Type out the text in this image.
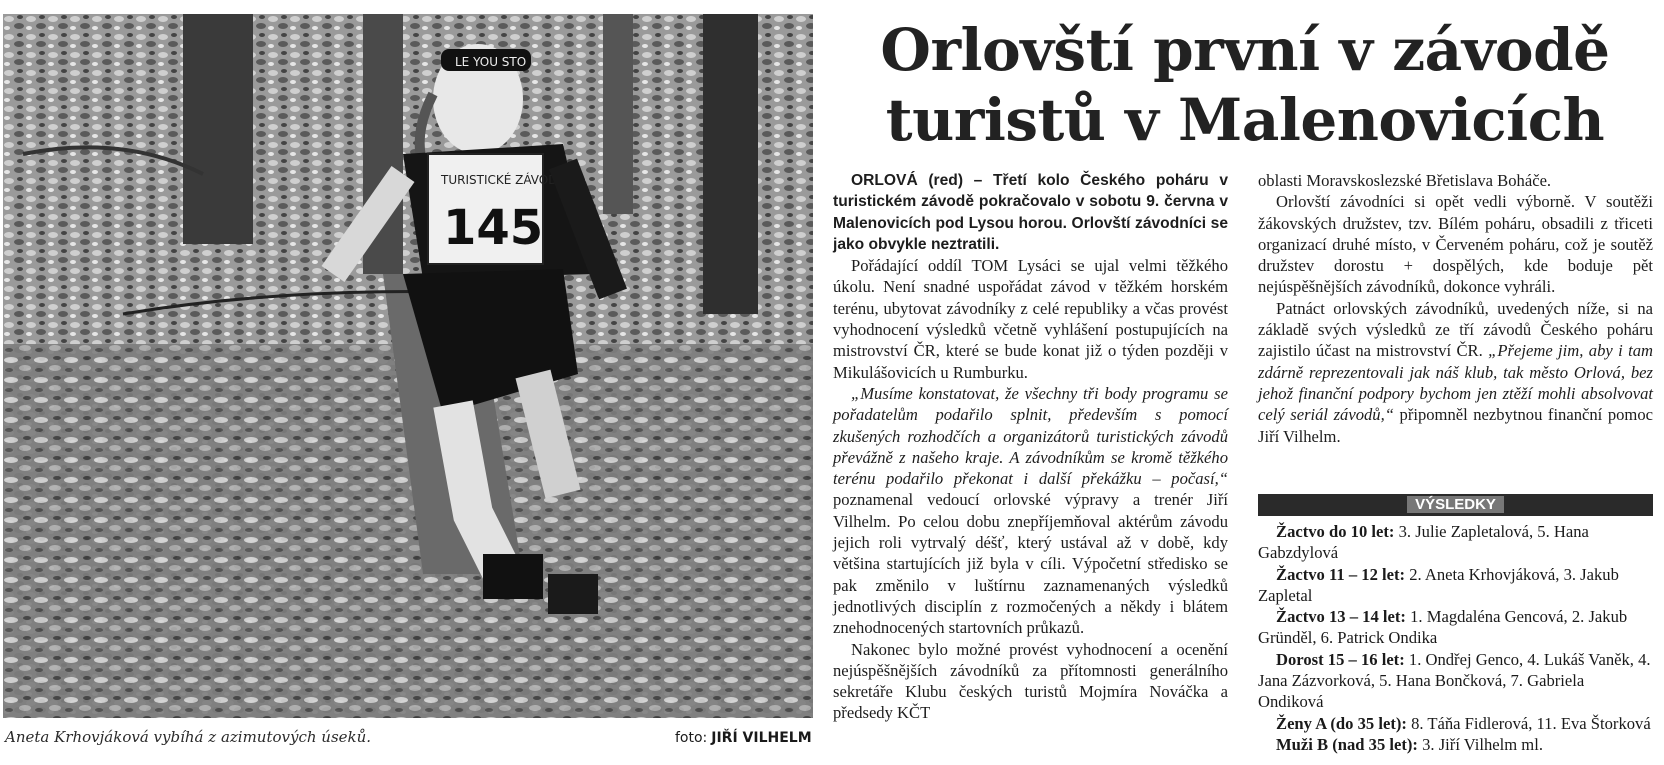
LE YOU STO
TURISTICKÉ ZÁVODY
145
Aneta Krhovjáková vybíhá z azimutových úseků.	foto: JIŘÍ VILHELM
Orlovští první v závodě
turistů v Malenovicích

ORLOVÁ (red) – Třetí kolo Českého poháru v turistickém závodě pokračovalo v sobotu 9. června v Malenovicích pod Lysou horou. Orlovští závodníci se jako obvykle neztratili.

Pořádající oddíl TOM Lysáci se ujal velmi těžkého úkolu. Není snadné uspořádat závod v těžkém horském terénu, ubytovat závodníky z celé republiky a včas provést vyhodnocení výsledků včetně vyhlášení postupujících na mistrovství ČR, které se bude konat již o týden později v Mikulášovicích u Rumburku.

„Musíme konstatovat, že všechny tři body programu se pořadatelům podařilo splnit, především s pomocí zkušených rozhodčích a organizátorů turistických závodů převážně z našeho kraje. A závodníkům se kromě těžkého terénu podařilo překonat i další překážku – počasí,“ poznamenal vedoucí orlovské výpravy a trenér Jiří Vilhelm. Po celou dobu znepříjemňoval aktérům závodu jejich roli vytrvalý déšť, který ustával až v době, kdy většina startujících již byla v cíli. Výpočetní středisko se pak změnilo v luštírnu zaznamenaných výsledků jednotlivých disciplín z rozmočených a někdy i blátem znehodnocených startovních průkazů.

Nakonec bylo možné provést vyhodnocení a ocenění nejúspěšnějších závodníků za přítomnosti generálního sekretáře Klubu českých turistů Mojmíra Nováčka a předsedy KČT

oblasti Moravskoslezské Břetislava Boháče.

Orlovští závodníci si opět vedli výborně. V soutěži žákovských družstev, tzv. Bílém poháru, obsadili z třiceti organizací druhé místo, v Červeném poháru, což je soutěž družstev dorostu + dospělých, kde boduje pět nejúspěšnějších závodníků, dokonce vyhráli.

Patnáct orlovských závodníků, uvedených níže, si na základě svých výsledků ze tří závodů Českého poháru zajistilo účast na mistrovství ČR. „Přejeme jim, aby i tam zdárně reprezentovali jak náš klub, tak město Orlová, bez jehož finanční podpory bychom jen ztěží mohli absolvovat celý seriál závodů,“ připomněl nezbytnou finanční pomoc Jiří Vilhelm.

VÝSLEDKY

Žactvo do 10 let: 3. Julie Zapletalová, 5. Hana Gabzdylová

Žactvo 11 – 12 let: 2. Aneta Krhovjáková, 3. Jakub Zapletal

Žactvo 13 – 14 let: 1. Magdaléna Gencová, 2. Jakub Gründěl, 6. Patrick Ondika

Dorost 15 – 16 let: 1. Ondřej Genco, 4. Lukáš Vaněk, 4. Jana Zázvorková, 5. Hana Bončková, 7. Gabriela Ondiková

Ženy A (do 35 let): 8. Táňa Fidlerová, 11. Eva Štorková

Muži B (nad 35 let): 3. Jiří Vilhelm ml.
